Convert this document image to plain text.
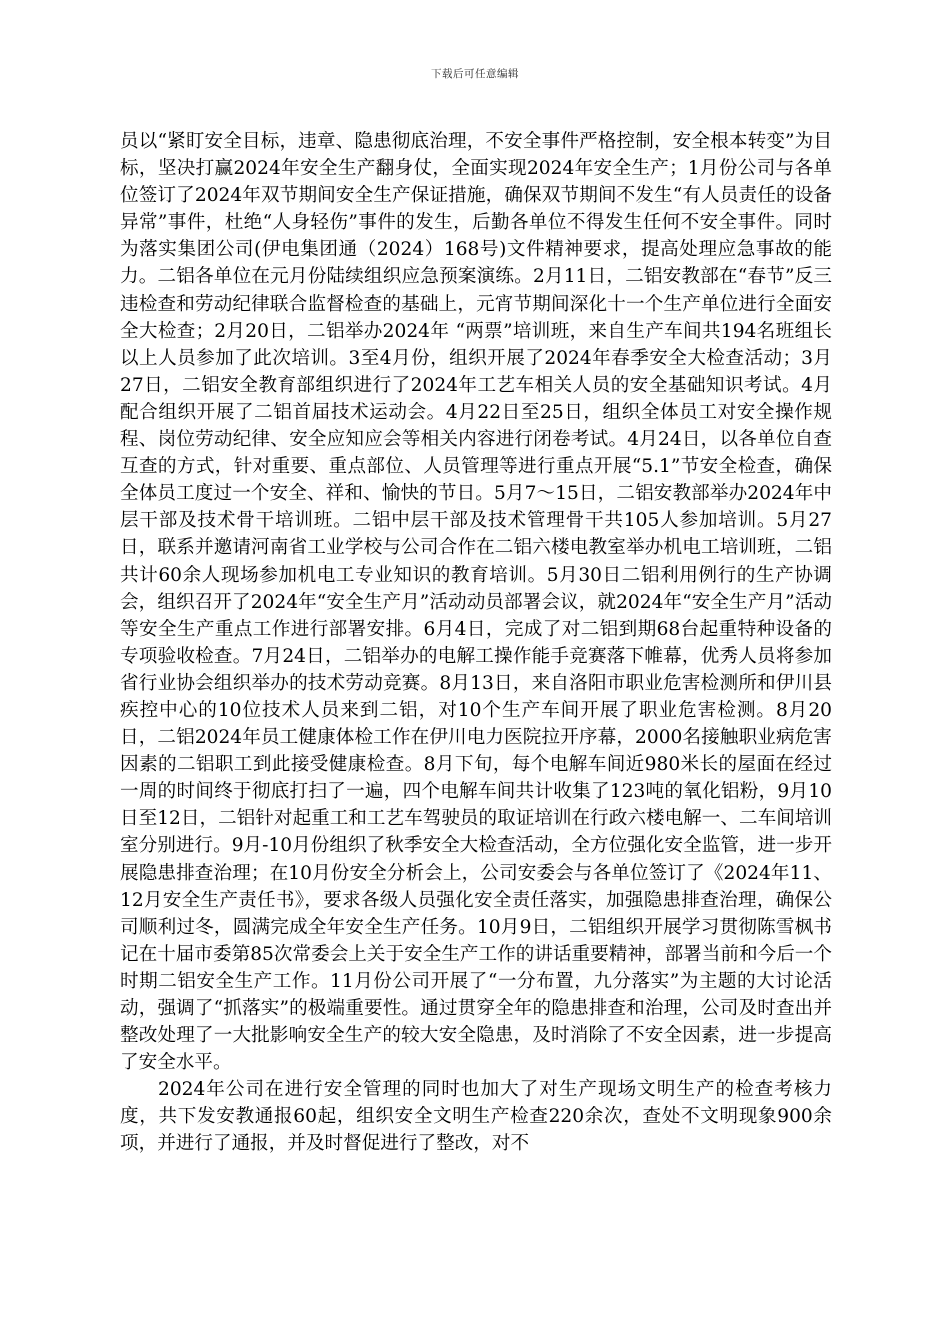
下载后可任意编辑

员以“紧盯安全目标，违章、隐患彻底治理，不安全事件严格控制，安全根本转变”为目标，坚决打赢2024年安全生产翻身仗，全面实现2024年安全生产；1月份公司与各单位签订了2024年双节期间安全生产保证措施，确保双节期间不发生“有人员责任的设备异常”事件，杜绝“人身轻伤”事件的发生，后勤各单位不得发生任何不安全事件。同时为落实集团公司(伊电集团通（2024）168号)文件精神要求，提高处理应急事故的能力。二铝各单位在元月份陆续组织应急预案演练。2月11日，二铝安教部在“春节”反三违检查和劳动纪律联合监督检查的基础上，元宵节期间深化十一个生产单位进行全面安全大检查；2月20日，二铝举办2024年 “两票”培训班，来自生产车间共194名班组长以上人员参加了此次培训。3至4月份，组织开展了2024年春季安全大检查活动；3月27日，二铝安全教育部组织进行了2024年工艺车相关人员的安全基础知识考试。4月配合组织开展了二铝首届技术运动会。4月22日至25日，组织全体员工对安全操作规程、岗位劳动纪律、安全应知应会等相关内容进行闭卷考试。4月24日，以各单位自查互查的方式，针对重要、重点部位、人员管理等进行重点开展“5.1”节安全检查，确保全体员工度过一个安全、祥和、愉快的节日。5月7～15日，二铝安教部举办2024年中层干部及技术骨干培训班。二铝中层干部及技术管理骨干共105人参加培训。5月27日，联系并邀请河南省工业学校与公司合作在二铝六楼电教室举办机电工培训班，二铝共计60余人现场参加机电工专业知识的教育培训。5月30日二铝利用例行的生产协调会，组织召开了2024年“安全生产月”活动动员部署会议，就2024年“安全生产月”活动等安全生产重点工作进行部署安排。6月4日，完成了对二铝到期68台起重特种设备的专项验收检查。7月24日，二铝举办的电解工操作能手竞赛落下帷幕，优秀人员将参加省行业协会组织举办的技术劳动竞赛。8月13日，来自洛阳市职业危害检测所和伊川县疾控中心的10位技术人员来到二铝，对10个生产车间开展了职业危害检测。8月20日，二铝2024年员工健康体检工作在伊川电力医院拉开序幕，2000名接触职业病危害因素的二铝职工到此接受健康检查。8月下旬，每个电解车间近980米长的屋面在经过一周的时间终于彻底打扫了一遍，四个电解车间共计收集了123吨的氧化铝粉，9月10日至12日，二铝针对起重工和工艺车驾驶员的取证培训在行政六楼电解一、二车间培训室分别进行。9月-10月份组织了秋季安全大检查活动，全方位强化安全监管，进一步开展隐患排查治理；在10月份安全分析会上，公司安委会与各单位签订了《2024年11、12月安全生产责任书》，要求各级人员强化安全责任落实，加强隐患排查治理，确保公司顺利过冬，圆满完成全年安全生产任务。10月9日，二铝组织开展学习贯彻陈雪枫书记在十届市委第85次常委会上关于安全生产工作的讲话重要精神，部署当前和今后一个时期二铝安全生产工作。11月份公司开展了“一分布置，九分落实”为主题的大讨论活动，强调了“抓落实”的极端重要性。通过贯穿全年的隐患排查和治理，公司及时查出并整改处理了一大批影响安全生产的较大安全隐患，及时消除了不安全因素，进一步提高了安全水平。

2024年公司在进行安全管理的同时也加大了对生产现场文明生产的检查考核力度，共下发安教通报60起，组织安全文明生产检查220余次，查处不文明现象900余项，并进行了通报，并及时督促进行了整改，对不
